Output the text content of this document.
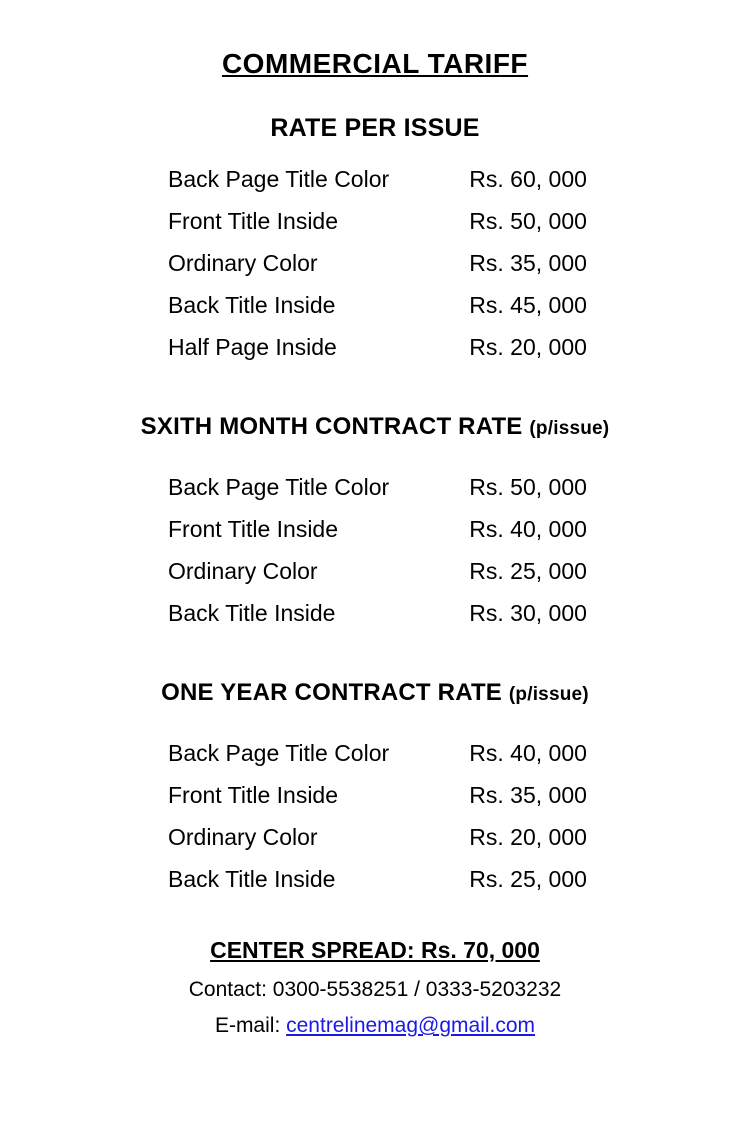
COMMERCIAL TARIFF
RATE PER ISSUE
Back Page Title Color	Rs. 60, 000
Front Title Inside	Rs. 50, 000
Ordinary Color	Rs. 35, 000
Back Title Inside	Rs. 45, 000
Half Page Inside	Rs. 20, 000
SXITH MONTH CONTRACT RATE (p/issue)
Back Page Title Color	Rs. 50, 000
Front Title Inside	Rs. 40, 000
Ordinary Color	Rs. 25, 000
Back Title Inside	Rs. 30, 000
ONE YEAR CONTRACT RATE (p/issue)
Back Page Title Color	Rs. 40, 000
Front Title Inside	Rs. 35, 000
Ordinary Color	Rs. 20, 000
Back Title Inside	Rs. 25, 000
CENTER SPREAD: Rs. 70, 000
Contact: 0300-5538251 / 0333-5203232
E-mail: centrelinemag@gmail.com
